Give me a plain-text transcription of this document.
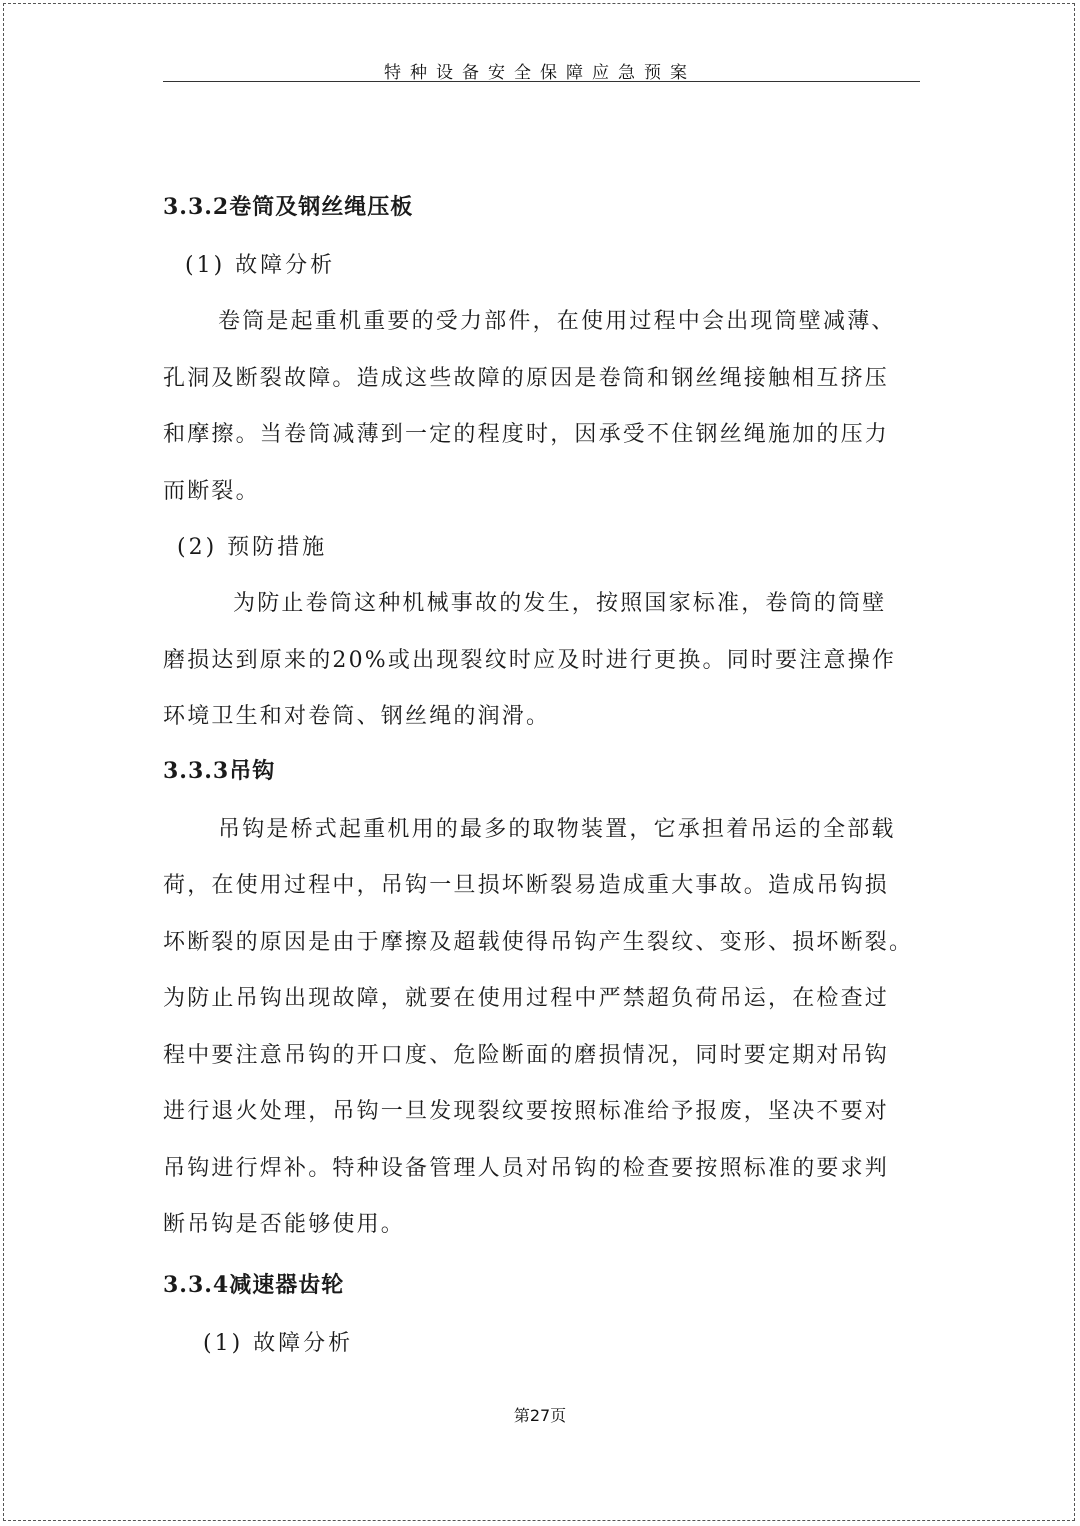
特种设备安全保障应急预案
3.3.2卷筒及钢丝绳压板
(1) 故障分析

卷筒是起重机重要的受力部件，在使用过程中会出现筒壁减薄、

孔洞及断裂故障。造成这些故障的原因是卷筒和钢丝绳接触相互挤压

和摩擦。当卷筒减薄到一定的程度时，因承受不住钢丝绳施加的压力

而断裂。

(2) 预防措施

为防止卷筒这种机械事故的发生，按照国家标准，卷筒的筒壁

磨损达到原来的20%或出现裂纹时应及时进行更换。同时要注意操作

环境卫生和对卷筒、钢丝绳的润滑。

3.3.3吊钩

吊钩是桥式起重机用的最多的取物装置，它承担着吊运的全部载

荷，在使用过程中，吊钩一旦损坏断裂易造成重大事故。造成吊钩损

坏断裂的原因是由于摩擦及超载使得吊钩产生裂纹、变形、损坏断裂。

为防止吊钩出现故障，就要在使用过程中严禁超负荷吊运，在检查过

程中要注意吊钩的开口度、危险断面的磨损情况，同时要定期对吊钩

进行退火处理，吊钩一旦发现裂纹要按照标准给予报废，坚决不要对

吊钩进行焊补。特种设备管理人员对吊钩的检查要按照标准的要求判

断吊钩是否能够使用。

3.3.4减速器齿轮
(1) 故障分析
第27页
